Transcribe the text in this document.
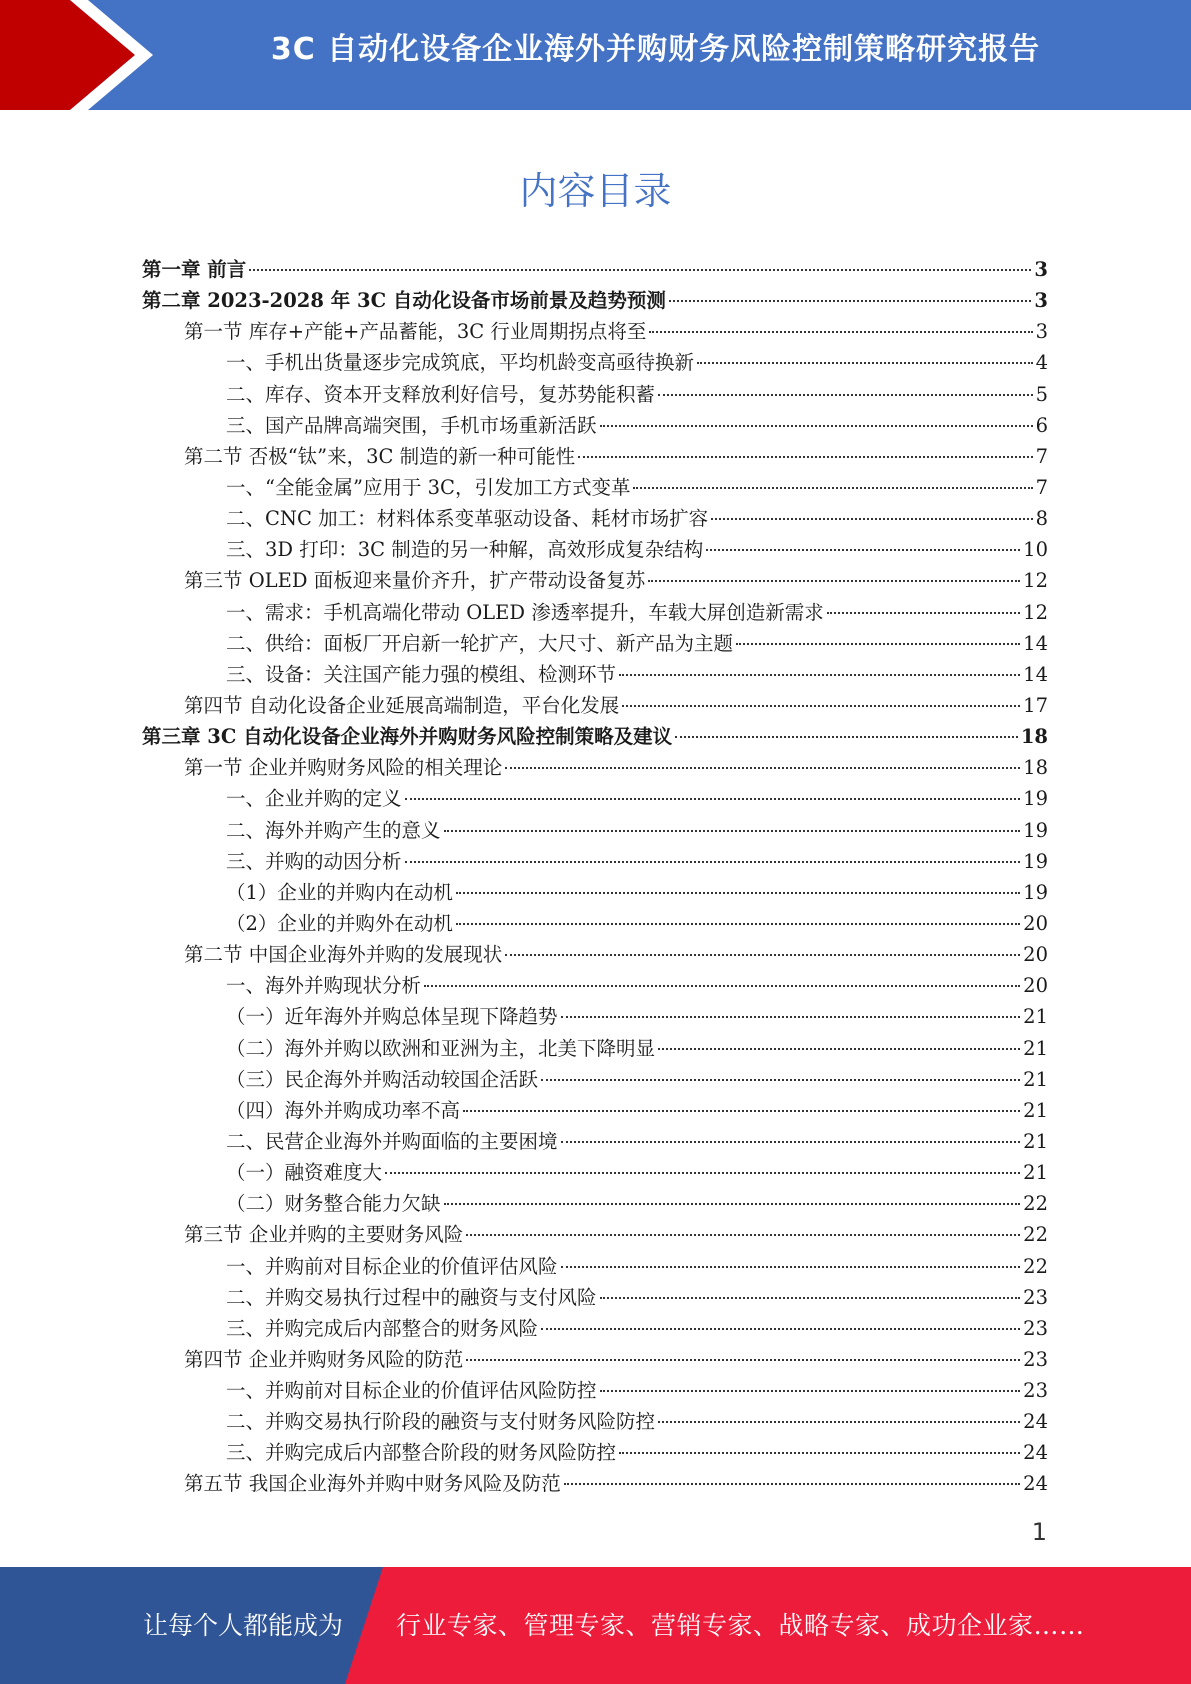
3C 自动化设备企业海外并购财务风险控制策略研究报告
内容目录
第一章 前言	3
第二章 2023-2028 年 3C 自动化设备市场前景及趋势预测	3
第一节 库存+产能+产品蓄能，3C 行业周期拐点将至	3
一、手机出货量逐步完成筑底，平均机龄变高亟待换新	4
二、库存、资本开支释放利好信号，复苏势能积蓄	5
三、国产品牌高端突围，手机市场重新活跃	6
第二节 否极“钛”来，3C 制造的新一种可能性	7
一、“全能金属”应用于 3C，引发加工方式变革	7
二、CNC 加工：材料体系变革驱动设备、耗材市场扩容	8
三、3D 打印：3C 制造的另一种解，高效形成复杂结构	10
第三节 OLED 面板迎来量价齐升，扩产带动设备复苏	12
一、需求：手机高端化带动 OLED 渗透率提升，车载大屏创造新需求	12
二、供给：面板厂开启新一轮扩产，大尺寸、新产品为主题	14
三、设备：关注国产能力强的模组、检测环节	14
第四节 自动化设备企业延展高端制造，平台化发展	17
第三章 3C 自动化设备企业海外并购财务风险控制策略及建议	18
第一节 企业并购财务风险的相关理论	18
一、企业并购的定义	19
二、海外并购产生的意义	19
三、并购的动因分析	19
（1）企业的并购内在动机	19
（2）企业的并购外在动机	20
第二节 中国企业海外并购的发展现状	20
一、海外并购现状分析	20
（一）近年海外并购总体呈现下降趋势	21
（二）海外并购以欧洲和亚洲为主，北美下降明显	21
（三）民企海外并购活动较国企活跃	21
（四）海外并购成功率不高	21
二、民营企业海外并购面临的主要困境	21
（一）融资难度大	21
（二）财务整合能力欠缺	22
第三节 企业并购的主要财务风险	22
一、并购前对目标企业的价值评估风险	22
二、并购交易执行过程中的融资与支付风险	23
三、并购完成后内部整合的财务风险	23
第四节 企业并购财务风险的防范	23
一、并购前对目标企业的价值评估风险防控	23
二、并购交易执行阶段的融资与支付财务风险防控	24
三、并购完成后内部整合阶段的财务风险防控	24
第五节 我国企业海外并购中财务风险及防范	24
1
让每个人都能成为 行业专家、管理专家、营销专家、战略专家、成功企业家……
